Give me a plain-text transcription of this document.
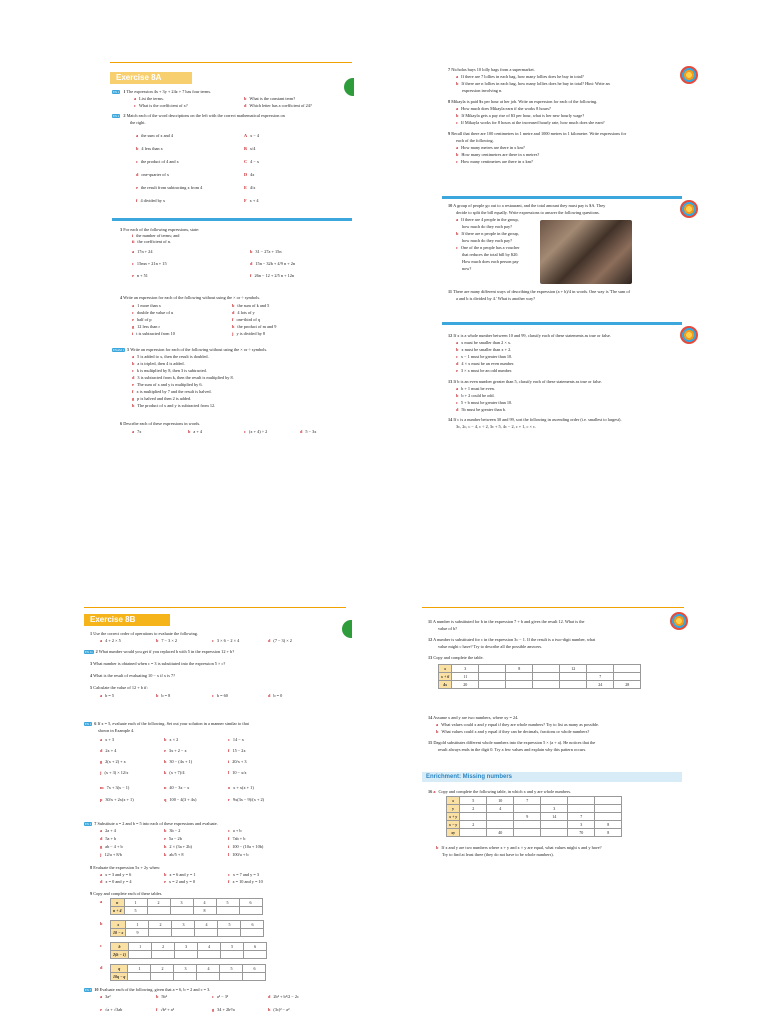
Exercise 8A
EX 1 1 The expression 4x + 3y + 24z + 7 has four terms.
a List the terms.	b What is the constant term?
c What is the coefficient of x?	d Which letter has a coefficient of 24?
EX 2 2 Match each of the word descriptions on the left with the correct mathematical expression on
the right.
a the sum of x and 4	A x − 4
b 4 less than x	B x/4
c the product of 4 and x	C 4 − x
d one-quarter of x	D 4x
e the result from subtracting x from 4	E 4/x
f 4 divided by x	F x + 4
3 For each of the following expressions, state:
i the number of terms; and
ii the coefficient of n.
a 17n + 24	b 31 − 27a + 15n
c 15mn + 21n + 15	d 15n − 32b + 4/9 n + 2n
e n + 51	f 26n − 12 + 2/5 n + 12n
4 Write an expression for each of the following without using the × or ÷ symbols.
a 1 more than x	b the sum of k and 5
c double the value of u	d 4 lots of y
e half of p	f one-third of q
g 12 less than r	h the product of m and 9
i t is subtracted from 10	j y is divided by 8
EXAM 1 5 Write an expression for each of the following without using the × or ÷ symbols.
a 5 is added to x, then the result is doubled.
b a is tripled, then 4 is added.
c k is multiplied by 8, then 3 is subtracted.
d 3 is subtracted from k, then the result is multiplied by 8.
e The sum of x and y is multiplied by 6.
f x is multiplied by 7 and the result is halved.
g p is halved and then 2 is added.
h The product of x and y is subtracted from 12.
6 Describe each of these expressions in words.
a 7x	b a + 4	c (x + 4) ÷ 2	d 5 − 3x
7 Nicholas buys 10 lolly bags from a supermarket.
a If there are 7 lollies in each bag, how many lollies does he buy in total?
b If there are n lollies in each bag, how many lollies does he buy in total? Hint: Write an
expression involving n.
8 Mikayla is paid $x per hour at her job. Write an expression for each of the following.
a How much does Mikayla earn if she works 8 hours?
b If Mikayla gets a pay rise of $3 per hour, what is her new hourly wage?
c If Mikayla works for 8 hours at the increased hourly rate, how much does she earn?
9 Recall that there are 100 centimetres in 1 metre and 1000 metres in 1 kilometre. Write expressions for
each of the following.
a How many metres are there in x km?
b How many centimetres are there in x metres?
c How many centimetres are there in x km?
10 A group of people go out to a restaurant, and the total amount they must pay is $A. They
decide to split the bill equally. Write expressions to answer the following questions.
a If there are 4 people in the group,
how much do they each pay?
b If there are n people in the group,
how much do they each pay?
c One of the n people has a voucher
that reduces the total bill by $20.
How much does each person pay
now?
11 There are many different ways of describing the expression (a + b)/4 in words. One way is 'The sum of
a and b is divided by 4.' What is another way?
12 If x is a whole number between 10 and 99, classify each of these statements as true or false.
a x must be smaller than 2 × x.
b x must be smaller than x + 2.
c x − 1 must be greater than 10.
d 4 × x must be an even number.
e 3 × x must be an odd number.
13 If b is an even number greater than 5, classify each of these statements as true or false.
a b + 1 must be even.
b b + 2 could be odd.
c 5 + b must be greater than 10.
d 5b must be greater than b.
14 If c is a number between 30 and 99, sort the following in ascending order (i.e. smallest to largest).
3c, 2c, c − 4, c ÷ 2, 3c + 5, 4c − 2, c + 1, c × c.
Exercise 8B
1 Use the correct order of operations to evaluate the following.
a 4 + 2 × 5	b 7 − 3 × 2	c 3 × 6 − 2 × 4	d (7 − 3) × 2
EX 1a 2 What number would you get if you replaced b with 5 in the expression 12 + b?
3 What number is obtained when c = 3 is substituted into the expression 5 × c?
4 What is the result of evaluating 10 − x if x is 7?
5 Calculate the value of 12 + b if:
a b = 5	b b = 8	c b = 60	d b = 0
EX 1 6 If x = 5, evaluate each of the following. Set out your solution in a manner similar to that
shown in Example 4.
a x + 3	b x × 2	c 14 − x
d 2x + 4	e 3x + 2 − x	f 15 − 2x
g 2(x + 2) + x	h 30 − (4x + 1)	i 20/x + 3
j (x + 3) × 12/x	k (x + 7)/4	l 10 − x/x
m 7x + 3(x − 1)	n 40 − 3x − x	o x + x(x + 1)
p 30/x + 2x(x + 1)	q 100 − 4(3 + 4x)	r 9x(3x − 9)/(x + 2)
EX 2 7 Substitute a = 2 and b = 5 into each of these expressions and evaluate.
a 2a + 4	b 3b − 2	c a + b
d 5a + b	e 5a − 2b	f 7ab + b
g ab − 4 + b	h 2 × (3a + 2b)	i 100 − (10a + 10b)
j 12/a + 8/b	k ab/5 + 8	l 100/a + b
8 Evaluate the expression 5x + 2y when:
a x = 3 and y = 6	b x = 6 and y = 1	c x = 7 and y = 3
d x = 0 and y = 4	e x = 2 and y = 0	f x = 10 and y = 10
9 Copy and complete each of these tables.
a	n	1	2	3	4	5	6
n + 4	5			8		
b	x	1	2	3	4	5	6
10 − x	9					
c	b	1	2	3	4	5	6
2(b − 1)						
d	q	1	2	3	4	5	6
10q − q						
EX 3 10 Evaluate each of the following, given that a = 6, b = 2 and c = 3.
a 3a²	b 5b²	c a² − 3²	d 2b² + b²/2 − 2c
e √a + √3ab	f √b² + a²	g 34 + 2b²/a	h (3c)² − a²
11 A number is substituted for b in the expression 7 + b and gives the result 12. What is the
value of b?
12 A number is substituted for c in the expression 3c − 1. If the result is a two-digit number, what
value might c have? Try to describe all the possible answers.
13 Copy and complete the table.
x	3		8		12		
x + 6	11					7	
4x	20					24	28
14 Assume x and y are two numbers, where xy = 24.
a What values could x and y equal if they are whole numbers? Try to list as many as possible.
b What values could x and y equal if they can be decimals, fractions or whole numbers?
15 Dagold substitutes different whole numbers into the expression 5 × (a + a). He notices that the
result always ends in the digit 0. Try a few values and explain why this pattern occurs.
Enrichment: Missing numbers
16 a Copy and complete the following table, in which x and y are whole numbers.
x	5	10	7			
y	2	4		3		
x + y			9	14	7	
x − y	2				3	8
xy		40			70	8
b If x and y are two numbers where x + y and x × y are equal, what values might x and y have?
Try to find at least three (they do not have to be whole numbers).
